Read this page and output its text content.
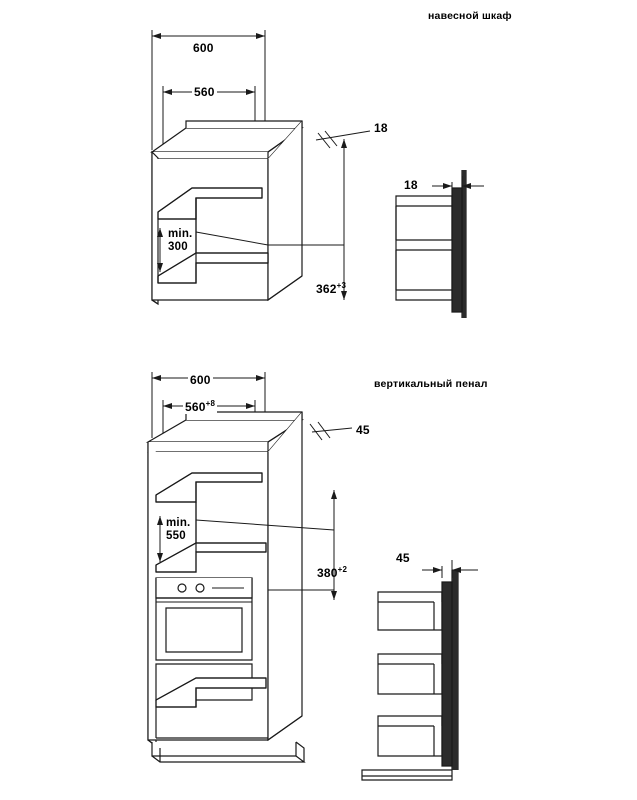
навесной шкаф
600
560
18
min.
300
$362^{+3}$
18
вертикальный пенал
600
$560^{+8}$
45
min.
550
$380^{+2}$
45
